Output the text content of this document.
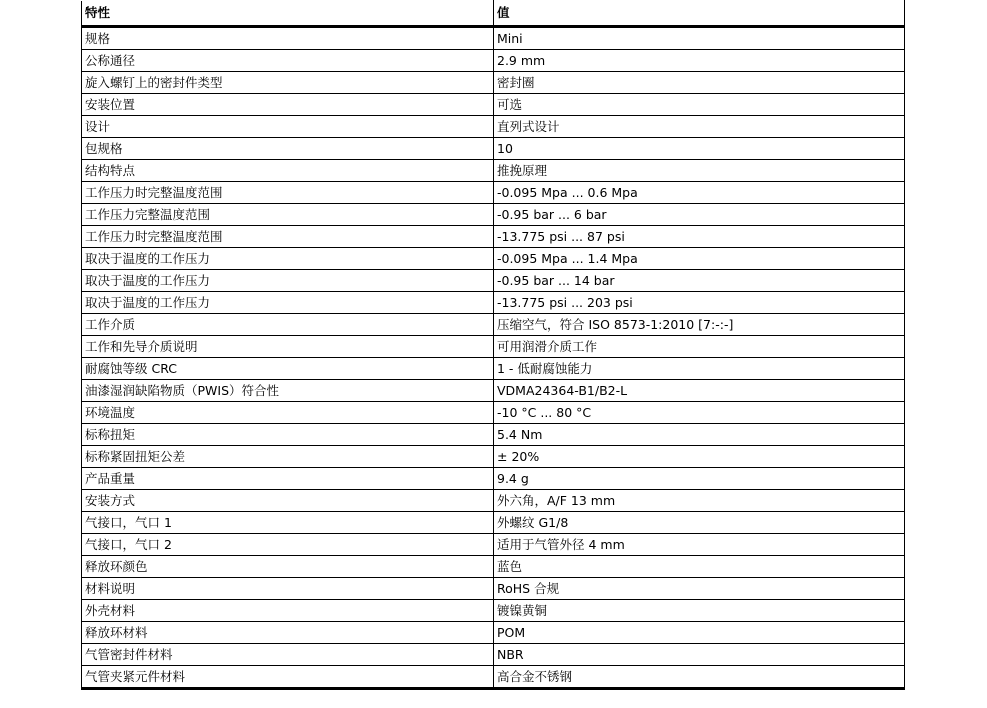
特性	值
规格	Mini
公称通径	2.9 mm
旋入螺钉上的密封件类型	密封圈
安装位置	可选
设计	直列式设计
包规格	10
结构特点	推挽原理
工作压力时完整温度范围	-0.095 Mpa ... 0.6 Mpa
工作压力完整温度范围	-0.95 bar ... 6 bar
工作压力时完整温度范围	-13.775 psi ... 87 psi
取决于温度的工作压力	-0.095 Mpa ... 1.4 Mpa
取决于温度的工作压力	-0.95 bar ... 14 bar
取决于温度的工作压力	-13.775 psi ... 203 psi
工作介质	压缩空气，符合 ISO 8573-1:2010 [7:-:-]
工作和先导介质说明	可用润滑介质工作
耐腐蚀等级 CRC	1 - 低耐腐蚀能力
油漆湿润缺陷物质（PWIS）符合性	VDMA24364-B1/B2-L
环境温度	-10 °C ... 80 °C
标称扭矩	5.4 Nm
标称紧固扭矩公差	± 20%
产品重量	9.4 g
安装方式	外六角，A/F 13 mm
气接口，气口 1	外螺纹 G1/8
气接口，气口 2	适用于气管外径 4 mm
释放环颜色	蓝色
材料说明	RoHS 合规
外壳材料	镀镍黄铜
释放环材料	POM
气管密封件材料	NBR
气管夹紧元件材料	高合金不锈钢
